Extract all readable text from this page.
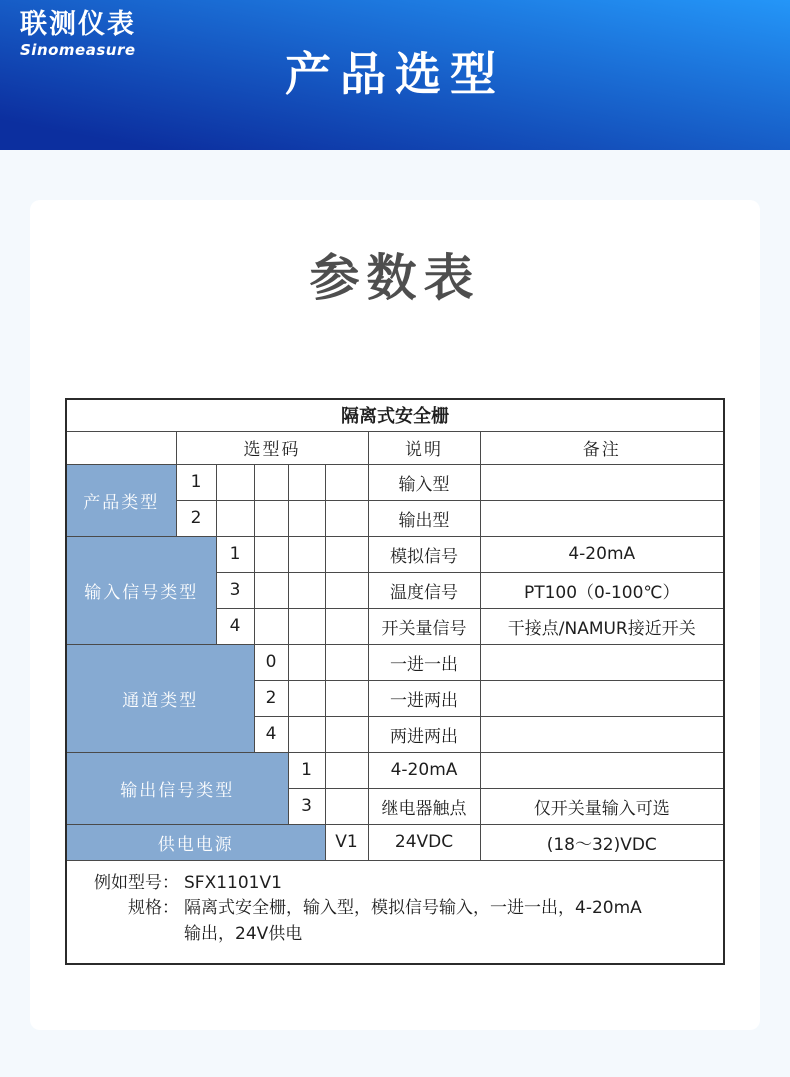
联测仪表
Sinomeasure	产品选型
参数表
隔离式安全栅							
	选型码					说明	备注
产品类型	1					输入型	
	2					输出型	
输入信号类型		1				模拟信号	4-20mA
		3				温度信号	PT100（0-100℃）
		4				开关量信号	干接点/NAMUR接近开关
通道类型			0			一进一出	
			2			一进两出	
			4			两进两出	
输出信号类型				1		4-20mA	
				3		继电器触点	仅开关量输入可选
供电电源					V1	24VDC	(18～32)VDC

例如型号： SFX1101V1
规格： 隔离式安全栅，输入型，模拟信号输入，一进一出，4-20mA
输出，24V供电							
